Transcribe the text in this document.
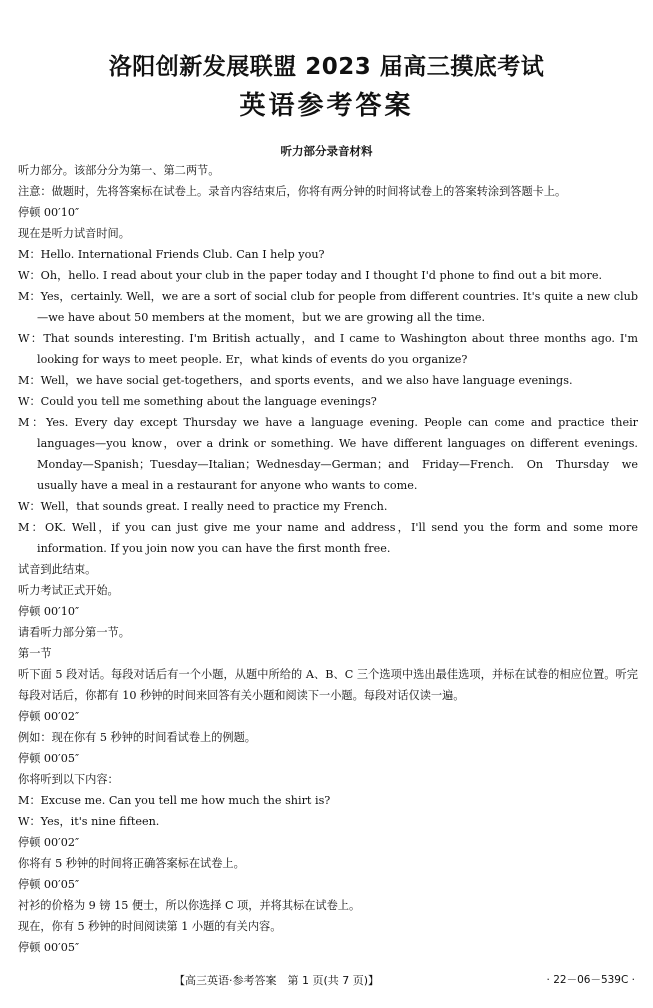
洛阳创新发展联盟 2023 届高三摸底考试
英语参考答案
听力部分录音材料

听力部分。该部分分为第一、第二两节。

注意：做题时，先将答案标在试卷上。录音内容结束后，你将有两分钟的时间将试卷上的答案转涂到答题卡上。

停顿 00′10″

现在是听力试音时间。

M：Hello. International Friends Club. Can I help you?

W：Oh，hello. I read about your club in the paper today and I thought I'd phone to find out a bit more.

M：Yes，certainly. Well，we are a sort of social club for people from different countries. It's quite a new club—we have about 50 members at the moment，but we are growing all the time.

W：That sounds interesting. I'm British actually，and I came to Washington about three months ago. I'm looking for ways to meet people. Er，what kinds of events do you organize?

M：Well，we have social get-togethers，and sports events，and we also have language evenings.

W：Could you tell me something about the language evenings?

M：Yes. Every day except Thursday we have a language evening. People can come and practice their languages—you know，over a drink or something. We have different languages on different evenings. Monday—Spanish；Tuesday—Italian；Wednesday—German；and Friday—French. On Thursday we usually have a meal in a restaurant for anyone who wants to come.

W：Well，that sounds great. I really need to practice my French.

M：OK. Well，if you can just give me your name and address，I'll send you the form and some more information. If you join now you can have the first month free.

试音到此结束。

听力考试正式开始。

停顿 00′10″

请看听力部分第一节。

第一节

听下面 5 段对话。每段对话后有一个小题，从题中所给的 A、B、C 三个选项中选出最佳选项，并标在试卷的相应位置。听完每段对话后，你都有 10 秒钟的时间来回答有关小题和阅读下一小题。每段对话仅读一遍。

停顿 00′02″

例如：现在你有 5 秒钟的时间看试卷上的例题。

停顿 00′05″

你将听到以下内容：

M：Excuse me. Can you tell me how much the shirt is?

W：Yes，it's nine fifteen.

停顿 00′02″

你将有 5 秒钟的时间将正确答案标在试卷上。

停顿 00′05″

衬衫的价格为 9 镑 15 便士，所以你选择 C 项，并将其标在试卷上。

现在，你有 5 秒钟的时间阅读第 1 小题的有关内容。

停顿 00′05″

【高三英语·参考答案　第 1 页(共 7 页)】	· 22－06－539C ·
